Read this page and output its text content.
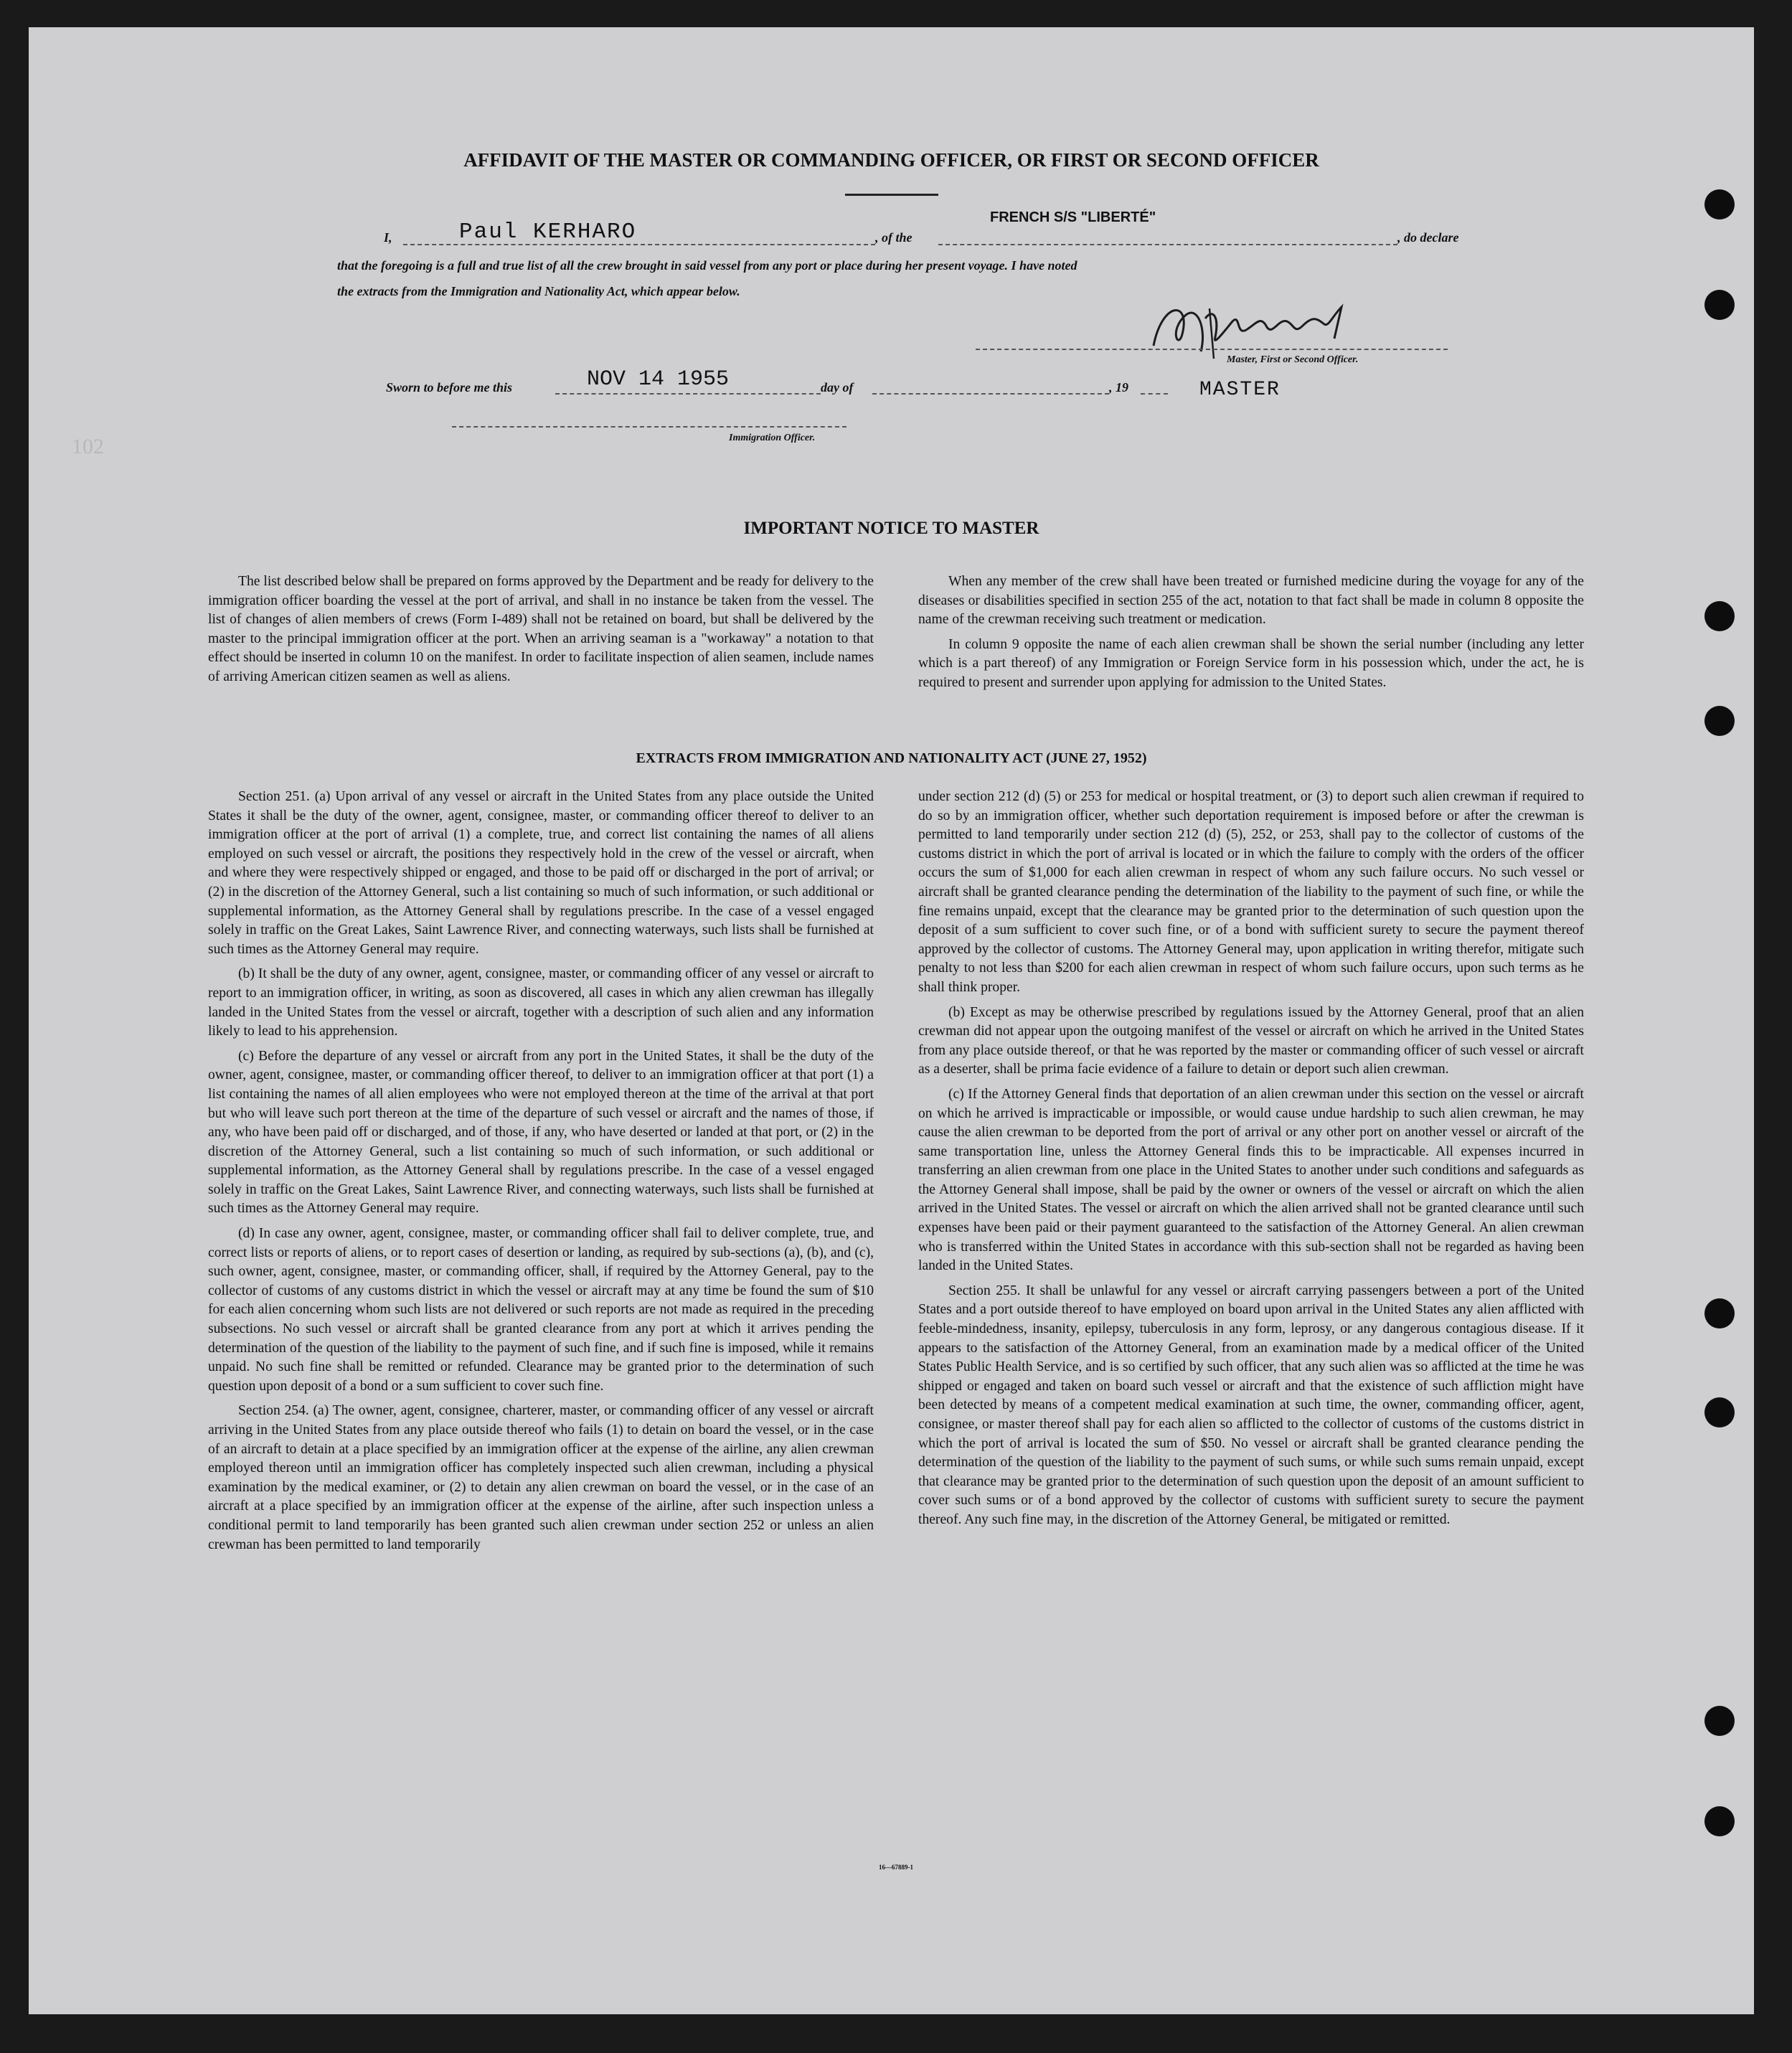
AFFIDAVIT OF THE MASTER OR COMMANDING OFFICER, OR FIRST OR SECOND OFFICER
I,	Paul KERHARO	, of the
FRENCH S/S "LIBERTÉ"
, do declare
that the foregoing is a full and true list of all the crew brought in said vessel from any port or place during her present voyage. I have noted
the extracts from the Immigration and Nationality Act, which appear below.
Master, First or Second Officer.
MASTER
Sworn to before me this	NOV 14 1955	day of	, 19
Immigration Officer.
102
IMPORTANT NOTICE TO MASTER

The list described below shall be prepared on forms approved by the Department and be ready for delivery to the immigration officer boarding the vessel at the port of arrival, and shall in no instance be taken from the vessel. The list of changes of alien members of crews (Form I-489) shall not be retained on board, but shall be delivered by the master to the principal immigration officer at the port. When an arriving seaman is a "workaway" a notation to that effect should be inserted in column 10 on the manifest. In order to facilitate inspection of alien seamen, include names of arriving American citizen seamen as well as aliens.

When any member of the crew shall have been treated or furnished medicine during the voyage for any of the diseases or disabilities specified in section 255 of the act, notation to that fact shall be made in column 8 opposite the name of the crewman receiving such treatment or medication.

In column 9 opposite the name of each alien crewman shall be shown the serial number (including any letter which is a part thereof) of any Immigration or Foreign Service form in his possession which, under the act, he is required to present and surrender upon applying for admission to the United States.

EXTRACTS FROM IMMIGRATION AND NATIONALITY ACT (JUNE 27, 1952)

Section 251. (a) Upon arrival of any vessel or aircraft in the United States from any place outside the United States it shall be the duty of the owner, agent, consignee, master, or commanding officer thereof to deliver to an immigration officer at the port of arrival (1) a complete, true, and correct list containing the names of all aliens employed on such vessel or aircraft, the positions they respectively hold in the crew of the vessel or aircraft, when and where they were respectively shipped or engaged, and those to be paid off or discharged in the port of arrival; or (2) in the discretion of the Attorney General, such a list containing so much of such information, or such additional or supplemental information, as the Attorney General shall by regulations prescribe. In the case of a vessel engaged solely in traffic on the Great Lakes, Saint Lawrence River, and connecting waterways, such lists shall be furnished at such times as the Attorney General may require.

(b) It shall be the duty of any owner, agent, consignee, master, or commanding officer of any vessel or aircraft to report to an immigration officer, in writing, as soon as discovered, all cases in which any alien crewman has illegally landed in the United States from the vessel or aircraft, together with a description of such alien and any information likely to lead to his apprehension.

(c) Before the departure of any vessel or aircraft from any port in the United States, it shall be the duty of the owner, agent, consignee, master, or commanding officer thereof, to deliver to an immigration officer at that port (1) a list containing the names of all alien employees who were not employed thereon at the time of the arrival at that port but who will leave such port thereon at the time of the departure of such vessel or aircraft and the names of those, if any, who have been paid off or discharged, and of those, if any, who have deserted or landed at that port, or (2) in the discretion of the Attorney General, such a list containing so much of such information, or such additional or supplemental information, as the Attorney General shall by regulations prescribe. In the case of a vessel engaged solely in traffic on the Great Lakes, Saint Lawrence River, and connecting waterways, such lists shall be furnished at such times as the Attorney General may require.

(d) In case any owner, agent, consignee, master, or commanding officer shall fail to deliver complete, true, and correct lists or reports of aliens, or to report cases of desertion or landing, as required by sub-sections (a), (b), and (c), such owner, agent, consignee, master, or commanding officer, shall, if required by the Attorney General, pay to the collector of customs of any customs district in which the vessel or aircraft may at any time be found the sum of $10 for each alien concerning whom such lists are not delivered or such reports are not made as required in the preceding subsections. No such vessel or aircraft shall be granted clearance from any port at which it arrives pending the determination of the question of the liability to the payment of such fine, and if such fine is imposed, while it remains unpaid. No such fine shall be remitted or refunded. Clearance may be granted prior to the determination of such question upon deposit of a bond or a sum sufficient to cover such fine.

Section 254. (a) The owner, agent, consignee, charterer, master, or commanding officer of any vessel or aircraft arriving in the United States from any place outside thereof who fails (1) to detain on board the vessel, or in the case of an aircraft to detain at a place specified by an immigration officer at the expense of the airline, any alien crewman employed thereon until an immigration officer has completely inspected such alien crewman, including a physical examination by the medical examiner, or (2) to detain any alien crewman on board the vessel, or in the case of an aircraft at a place specified by an immigration officer at the expense of the airline, after such inspection unless a conditional permit to land temporarily has been granted such alien crewman under section 252 or unless an alien crewman has been permitted to land temporarily

under section 212 (d) (5) or 253 for medical or hospital treatment, or (3) to deport such alien crewman if required to do so by an immigration officer, whether such deportation requirement is imposed before or after the crewman is permitted to land temporarily under section 212 (d) (5), 252, or 253, shall pay to the collector of customs of the customs district in which the port of arrival is located or in which the failure to comply with the orders of the officer occurs the sum of $1,000 for each alien crewman in respect of whom any such failure occurs. No such vessel or aircraft shall be granted clearance pending the determination of the liability to the payment of such fine, or while the fine remains unpaid, except that the clearance may be granted prior to the determination of such question upon the deposit of a sum sufficient to cover such fine, or of a bond with sufficient surety to secure the payment thereof approved by the collector of customs. The Attorney General may, upon application in writing therefor, mitigate such penalty to not less than $200 for each alien crewman in respect of whom such failure occurs, upon such terms as he shall think proper.

(b) Except as may be otherwise prescribed by regulations issued by the Attorney General, proof that an alien crewman did not appear upon the outgoing manifest of the vessel or aircraft on which he arrived in the United States from any place outside thereof, or that he was reported by the master or commanding officer of such vessel or aircraft as a deserter, shall be prima facie evidence of a failure to detain or deport such alien crewman.

(c) If the Attorney General finds that deportation of an alien crewman under this section on the vessel or aircraft on which he arrived is impracticable or impossible, or would cause undue hardship to such alien crewman, he may cause the alien crewman to be deported from the port of arrival or any other port on another vessel or aircraft of the same transportation line, unless the Attorney General finds this to be impracticable. All expenses incurred in transferring an alien crewman from one place in the United States to another under such conditions and safeguards as the Attorney General shall impose, shall be paid by the owner or owners of the vessel or aircraft on which the alien arrived in the United States. The vessel or aircraft on which the alien arrived shall not be granted clearance until such expenses have been paid or their payment guaranteed to the satisfaction of the Attorney General. An alien crewman who is transferred within the United States in accordance with this sub-section shall not be regarded as having been landed in the United States.

Section 255. It shall be unlawful for any vessel or aircraft carrying passengers between a port of the United States and a port outside thereof to have employed on board upon arrival in the United States any alien afflicted with feeble-mindedness, insanity, epilepsy, tuberculosis in any form, leprosy, or any dangerous contagious disease. If it appears to the satisfaction of the Attorney General, from an examination made by a medical officer of the United States Public Health Service, and is so certified by such officer, that any such alien was so afflicted at the time he was shipped or engaged and taken on board such vessel or aircraft and that the existence of such affliction might have been detected by means of a competent medical examination at such time, the owner, commanding officer, agent, consignee, or master thereof shall pay for each alien so afflicted to the collector of customs of the customs district in which the port of arrival is located the sum of $50. No vessel or aircraft shall be granted clearance pending the determination of the question of the liability to the payment of such sums, or while such sums remain unpaid, except that clearance may be granted prior to the determination of such question upon the deposit of an amount sufficient to cover such sums or of a bond approved by the collector of customs with sufficient surety to secure the payment thereof. Any such fine may, in the discretion of the Attorney General, be mitigated or remitted.

16—67889-1
